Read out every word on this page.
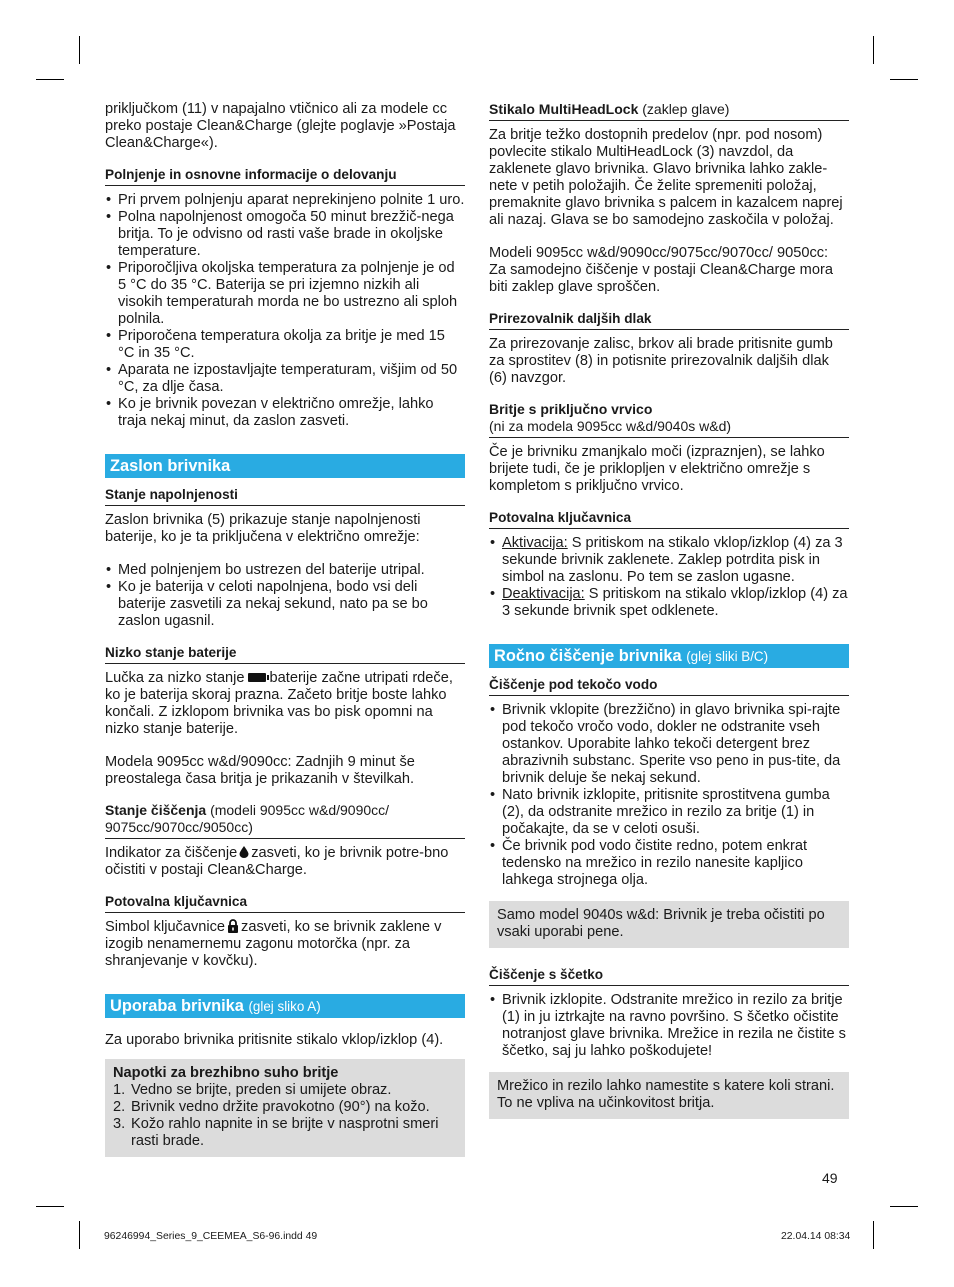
priključkom (11) v napajalno vtičnico ali za modele cc preko postaje Clean&Charge (glejte poglavje »Postaja Clean&Charge«).

Polnjenje in osnovne informacije o delovanju
• Pri prvem polnjenju aparat neprekinjeno polnite 1 uro.
• Polna napolnjenost omogoča 50 minut brezžič-nega britja. To je odvisno od rasti vaše brade in okoljske temperature.
• Priporočljiva okoljska temperatura za polnjenje je od 5 °C do 35 °C. Baterija se pri izjemno nizkih ali visokih temperaturah morda ne bo ustrezno ali sploh polnila.
• Priporočena temperatura okolja za britje je med 15 °C in 35 °C.
• Aparata ne izpostavljajte temperaturam, višjim od 50 °C, za dlje časa.
• Ko je brivnik povezan v električno omrežje, lahko traja nekaj minut, da zaslon zasveti.
Zaslon brivnika
Stanje napolnjenosti

Zaslon brivnika (5) prikazuje stanje napolnjenosti baterije, ko je ta priključena v električno omrežje:

• Med polnjenjem bo ustrezen del baterije utripal.
• Ko je baterija v celoti napolnjena, bodo vsi deli baterije zasvetili za nekaj sekund, nato pa se bo zaslon ugasnil.
Nizko stanje baterije

Lučka za nizko stanje baterije začne utripati rdeče, ko je baterija skoraj prazna. Začeto britje boste lahko končali. Z izklopom brivnika vas bo pisk opomni na nizko stanje baterije.

Modela 9095cc w&d/9090cc: Zadnjih 9 minut še preostalega časa britja je prikazanih v številkah.

Stanje čiščenja (modeli 9095cc w&d/9090cc/ 9075cc/9070cc/9050cc)

Indikator za čiščenje zasveti, ko je brivnik potre-bno očistiti v postaji Clean&Charge.

Potovalna ključavnica

Simbol ključavnice zasveti, ko se brivnik zaklene v izogib nenamernemu zagonu motorčka (npr. za shranjevanje v kovčku).

Uporaba brivnika (glej sliko A)

Za uporabo brivnika pritisnite stikalo vklop/izklop (4).

Napotki za brezhibno suho britje

1. Vedno se brijte, preden si umijete obraz.
2. Brivnik vedno držite pravokotno (90°) na kožo.
3. Kožo rahlo napnite in se brijte v nasprotni smeri rasti brade.
Stikalo MultiHeadLock (zaklep glave)

Za britje težko dostopnih predelov (npr. pod nosom) povlecite stikalo MultiHeadLock (3) navzdol, da zaklenete glavo brivnika. Glavo brivnika lahko zakle-nete v petih položajih. Če želite spremeniti položaj, premaknite glavo brivnika s palcem in kazalcem naprej ali nazaj. Glava se bo samodejno zaskočila v položaj.

Modeli 9095cc w&d/9090cc/9075cc/9070cc/ 9050cc: Za samodejno čiščenje v postaji Clean&Charge mora biti zaklep glave sproščen.

Prirezovalnik daljših dlak

Za prirezovanje zalisc, brkov ali brade pritisnite gumb za sprostitev (8) in potisnite prirezovalnik daljših dlak (6) navzgor.

Britje s priključno vrvico
(ni za modela 9095cc w&d/9040s w&d)

Če je brivniku zmanjkalo moči (izpraznjen), se lahko brijete tudi, če je priklopljen v električno omrežje s kompletom s priključno vrvico.

Potovalna ključavnica
• Aktivacija: S pritiskom na stikalo vklop/izklop (4) za 3 sekunde brivnik zaklenete. Zaklep potrdita pisk in simbol na zaslonu. Po tem se zaslon ugasne.
• Deaktivacija: S pritiskom na stikalo vklop/izklop (4) za 3 sekunde brivnik spet odklenete.
Ročno čiščenje brivnika (glej sliki B/C)
Čiščenje pod tekočo vodo
• Brivnik vklopite (brezžično) in glavo brivnika spi-rajte pod tekočo vročo vodo, dokler ne odstranite vseh ostankov. Uporabite lahko tekoči detergent brez abrazivnih substanc. Sperite vso peno in pus-tite, da brivnik deluje še nekaj sekund.
• Nato brivnik izklopite, pritisnite sprostitvena gumba (2), da odstranite mrežico in rezilo za britje (1) in počakajte, da se v celoti osuši.
• Če brivnik pod vodo čistite redno, potem enkrat tedensko na mrežico in rezilo nanesite kapljico lahkega strojnega olja.

Samo model 9040s w&d: Brivnik je treba očistiti po vsaki uporabi pene.

Čiščenje s ščetko
• Brivnik izklopite. Odstranite mrežico in rezilo za britje (1) in ju iztrkajte na ravno površino. S ščetko očistite notranjost glave brivnika. Mrežice in rezila ne čistite s ščetko, saj ju lahko poškodujete!

Mrežico in rezilo lahko namestite s katere koli strani. To ne vpliva na učinkovitost britja.

49
96246994_Series_9_CEEMEA_S6-96.indd 49	22.04.14 08:34
